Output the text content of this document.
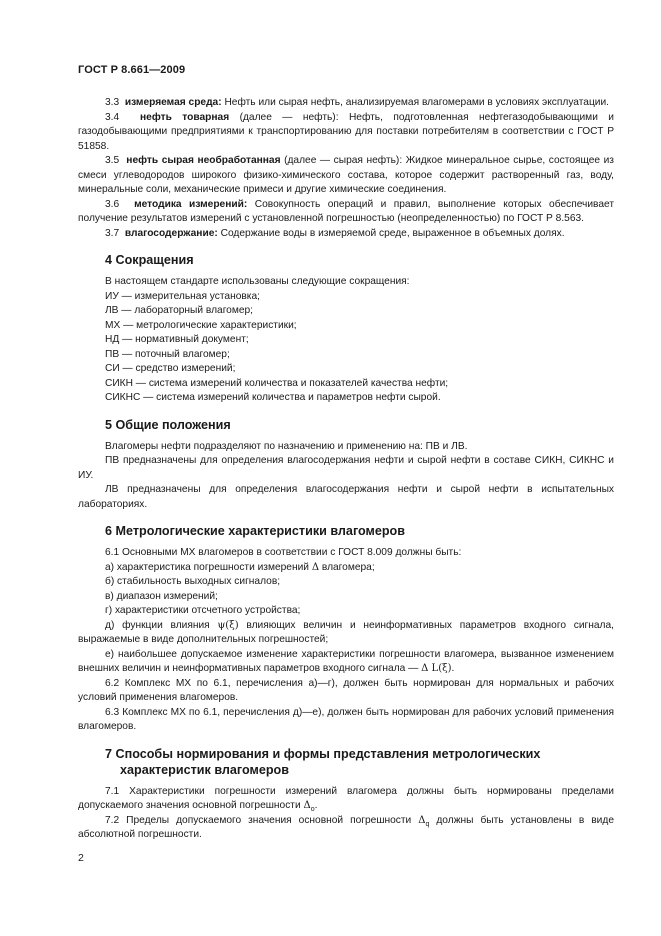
ГОСТ Р 8.661—2009

3.3 измеряемая среда: Нефть или сырая нефть, анализируемая влагомерами в условиях эксплуатации.

3.4 нефть товарная (далее — нефть): Нефть, подготовленная нефтегазодобывающими и газодобывающими предприятиями к транспортированию для поставки потребителям в соответствии с ГОСТ Р 51858.

3.5 нефть сырая необработанная (далее — сырая нефть): Жидкое минеральное сырье, состоящее из смеси углеводородов широкого физико-химического состава, которое содержит растворенный газ, воду, минеральные соли, механические примеси и другие химические соединения.

3.6 методика измерений: Совокупность операций и правил, выполнение которых обеспечивает получение результатов измерений с установленной погрешностью (неопределенностью) по ГОСТ Р 8.563.

3.7 влагосодержание: Содержание воды в измеряемой среде, выраженное в объемных долях.

4 Сокращения

В настоящем стандарте использованы следующие сокращения:

ИУ — измерительная установка;

ЛВ — лабораторный влагомер;

МХ — метрологические характеристики;

НД — нормативный документ;

ПВ — поточный влагомер;

СИ — средство измерений;

СИКН — система измерений количества и показателей качества нефти;

СИКНС — система измерений количества и параметров нефти сырой.

5 Общие положения

Влагомеры нефти подразделяют по назначению и применению на: ПВ и ЛВ.

ПВ предназначены для определения влагосодержания нефти и сырой нефти в составе СИКН, СИКНС и ИУ.

ЛВ предназначены для определения влагосодержания нефти и сырой нефти в испытательных лабораториях.

6 Метрологические характеристики влагомеров

6.1 Основными МХ влагомеров в соответствии с ГОСТ 8.009 должны быть:

а) характеристика погрешности измерений Δ влагомера;

б) стабильность выходных сигналов;

в) диапазон измерений;

г) характеристики отсчетного устройства;

д) функции влияния ψ(ξ) влияющих величин и неинформативных параметров входного сигнала, выражаемые в виде дополнительных погрешностей;

е) наибольшее допускаемое изменение характеристики погрешности влагомера, вызванное изменением внешних величин и неинформативных параметров входного сигнала — Δ L(ξ).

6.2 Комплекс МХ по 6.1, перечисления а)—г), должен быть нормирован для нормальных и рабочих условий применения влагомеров.

6.3 Комплекс МХ по 6.1, перечисления д)—е), должен быть нормирован для рабочих условий применения влагомеров.

7 Способы нормирования и формы представления метрологических
характеристик влагомеров

7.1 Характеристики погрешности измерений влагомера должны быть нормированы пределами допускаемого значения основной погрешности $\Delta_о$.

7.2 Пределы допускаемого значения основной погрешности $\Delta_q$ должны быть установлены в виде абсолютной погрешности.

2
